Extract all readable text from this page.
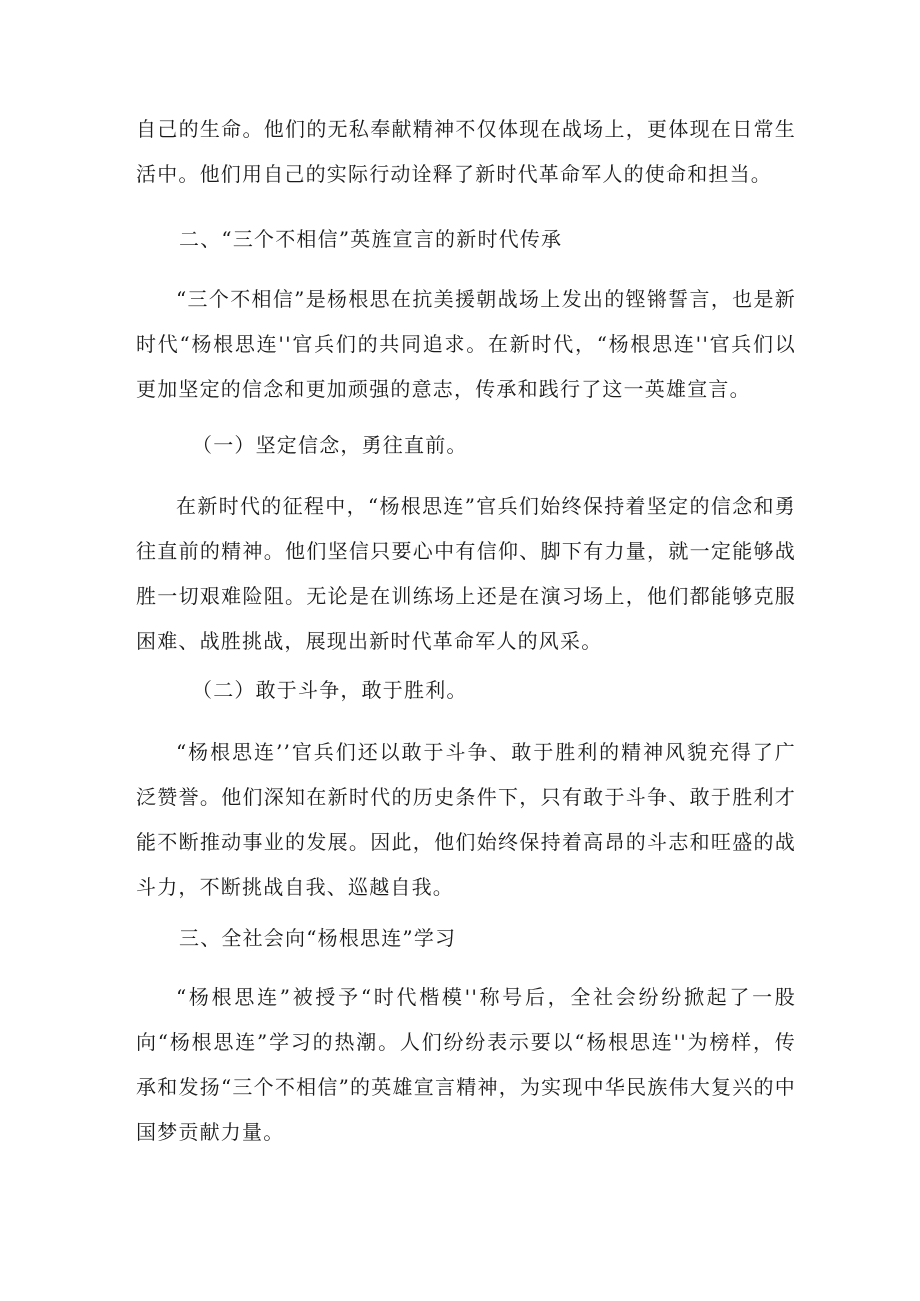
自己的生命。他们的无私奉献精神不仅体现在战场上，更体现在日常生活中。他们用自己的实际行动诠释了新时代革命军人的使命和担当。

二、“三个不相信”英旌宣言的新时代传承

“三个不相信”是杨根思在抗美援朝战场上发出的铿锵誓言，也是新时代“杨根思连''官兵们的共同追求。在新时代，“杨根思连''官兵们以更加坚定的信念和更加顽强的意志，传承和践行了这一英雄宣言。

（一）坚定信念，勇往直前。

在新时代的征程中，“杨根思连”官兵们始终保持着坚定的信念和勇往直前的精神。他们坚信只要心中有信仰、脚下有力量，就一定能够战胜一切艰难险阻。无论是在训练场上还是在演习场上，他们都能够克服困难、战胜挑战，展现出新时代革命军人的风采。

（二）敢于斗争，敢于胜利。

“杨根思连’’官兵们还以敢于斗争、敢于胜利的精神风貌充得了广泛赞誉。他们深知在新时代的历史条件下，只有敢于斗争、敢于胜利才能不断推动事业的发展。因此，他们始终保持着高昂的斗志和旺盛的战斗力，不断挑战自我、巡越自我。

三、全社会向“杨根思连”学习

“杨根思连”被授予“时代楷模''称号后，全社会纷纷掀起了一股向“杨根思连”学习的热潮。人们纷纷表示要以“杨根思连''为榜样，传承和发扬“三个不相信”的英雄宣言精神，为实现中华民族伟大复兴的中国梦贡献力量。
